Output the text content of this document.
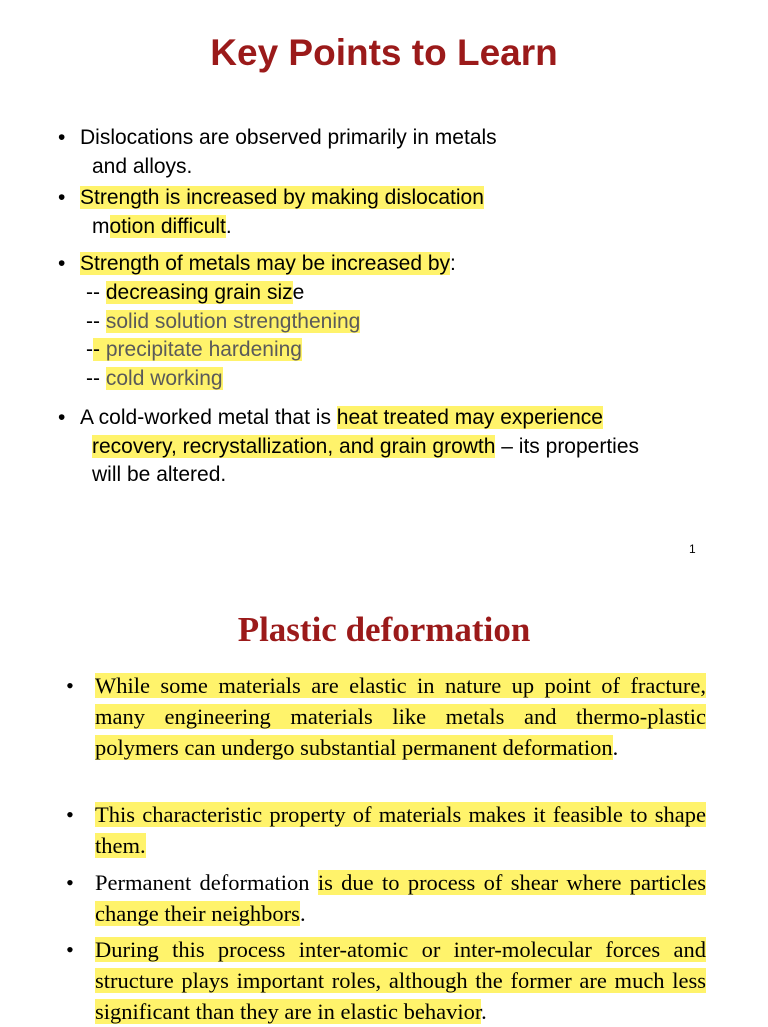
Key Points to Learn
• Dislocations are observed primarily in metals
and alloys.
• Strength is increased by making dislocation
motion difficult.
• Strength of metals may be increased by:
-- decreasing grain size
-- solid solution strengthening
-- precipitate hardening
-- cold working
• A cold-worked metal that is heat treated may experience
recovery, recrystallization, and grain growth – its properties
will be altered.
1
Plastic deformation
• While some materials are elastic in nature up point of fracture, many engineering materials like metals and thermo-plastic polymers can undergo substantial permanent deformation.
• This characteristic property of materials makes it feasible to shape them.
• Permanent deformation is due to process of shear where particles change their neighbors.
• During this process inter-atomic or inter-molecular forces and structure plays important roles, although the former are much less significant than they are in elastic behavior.
